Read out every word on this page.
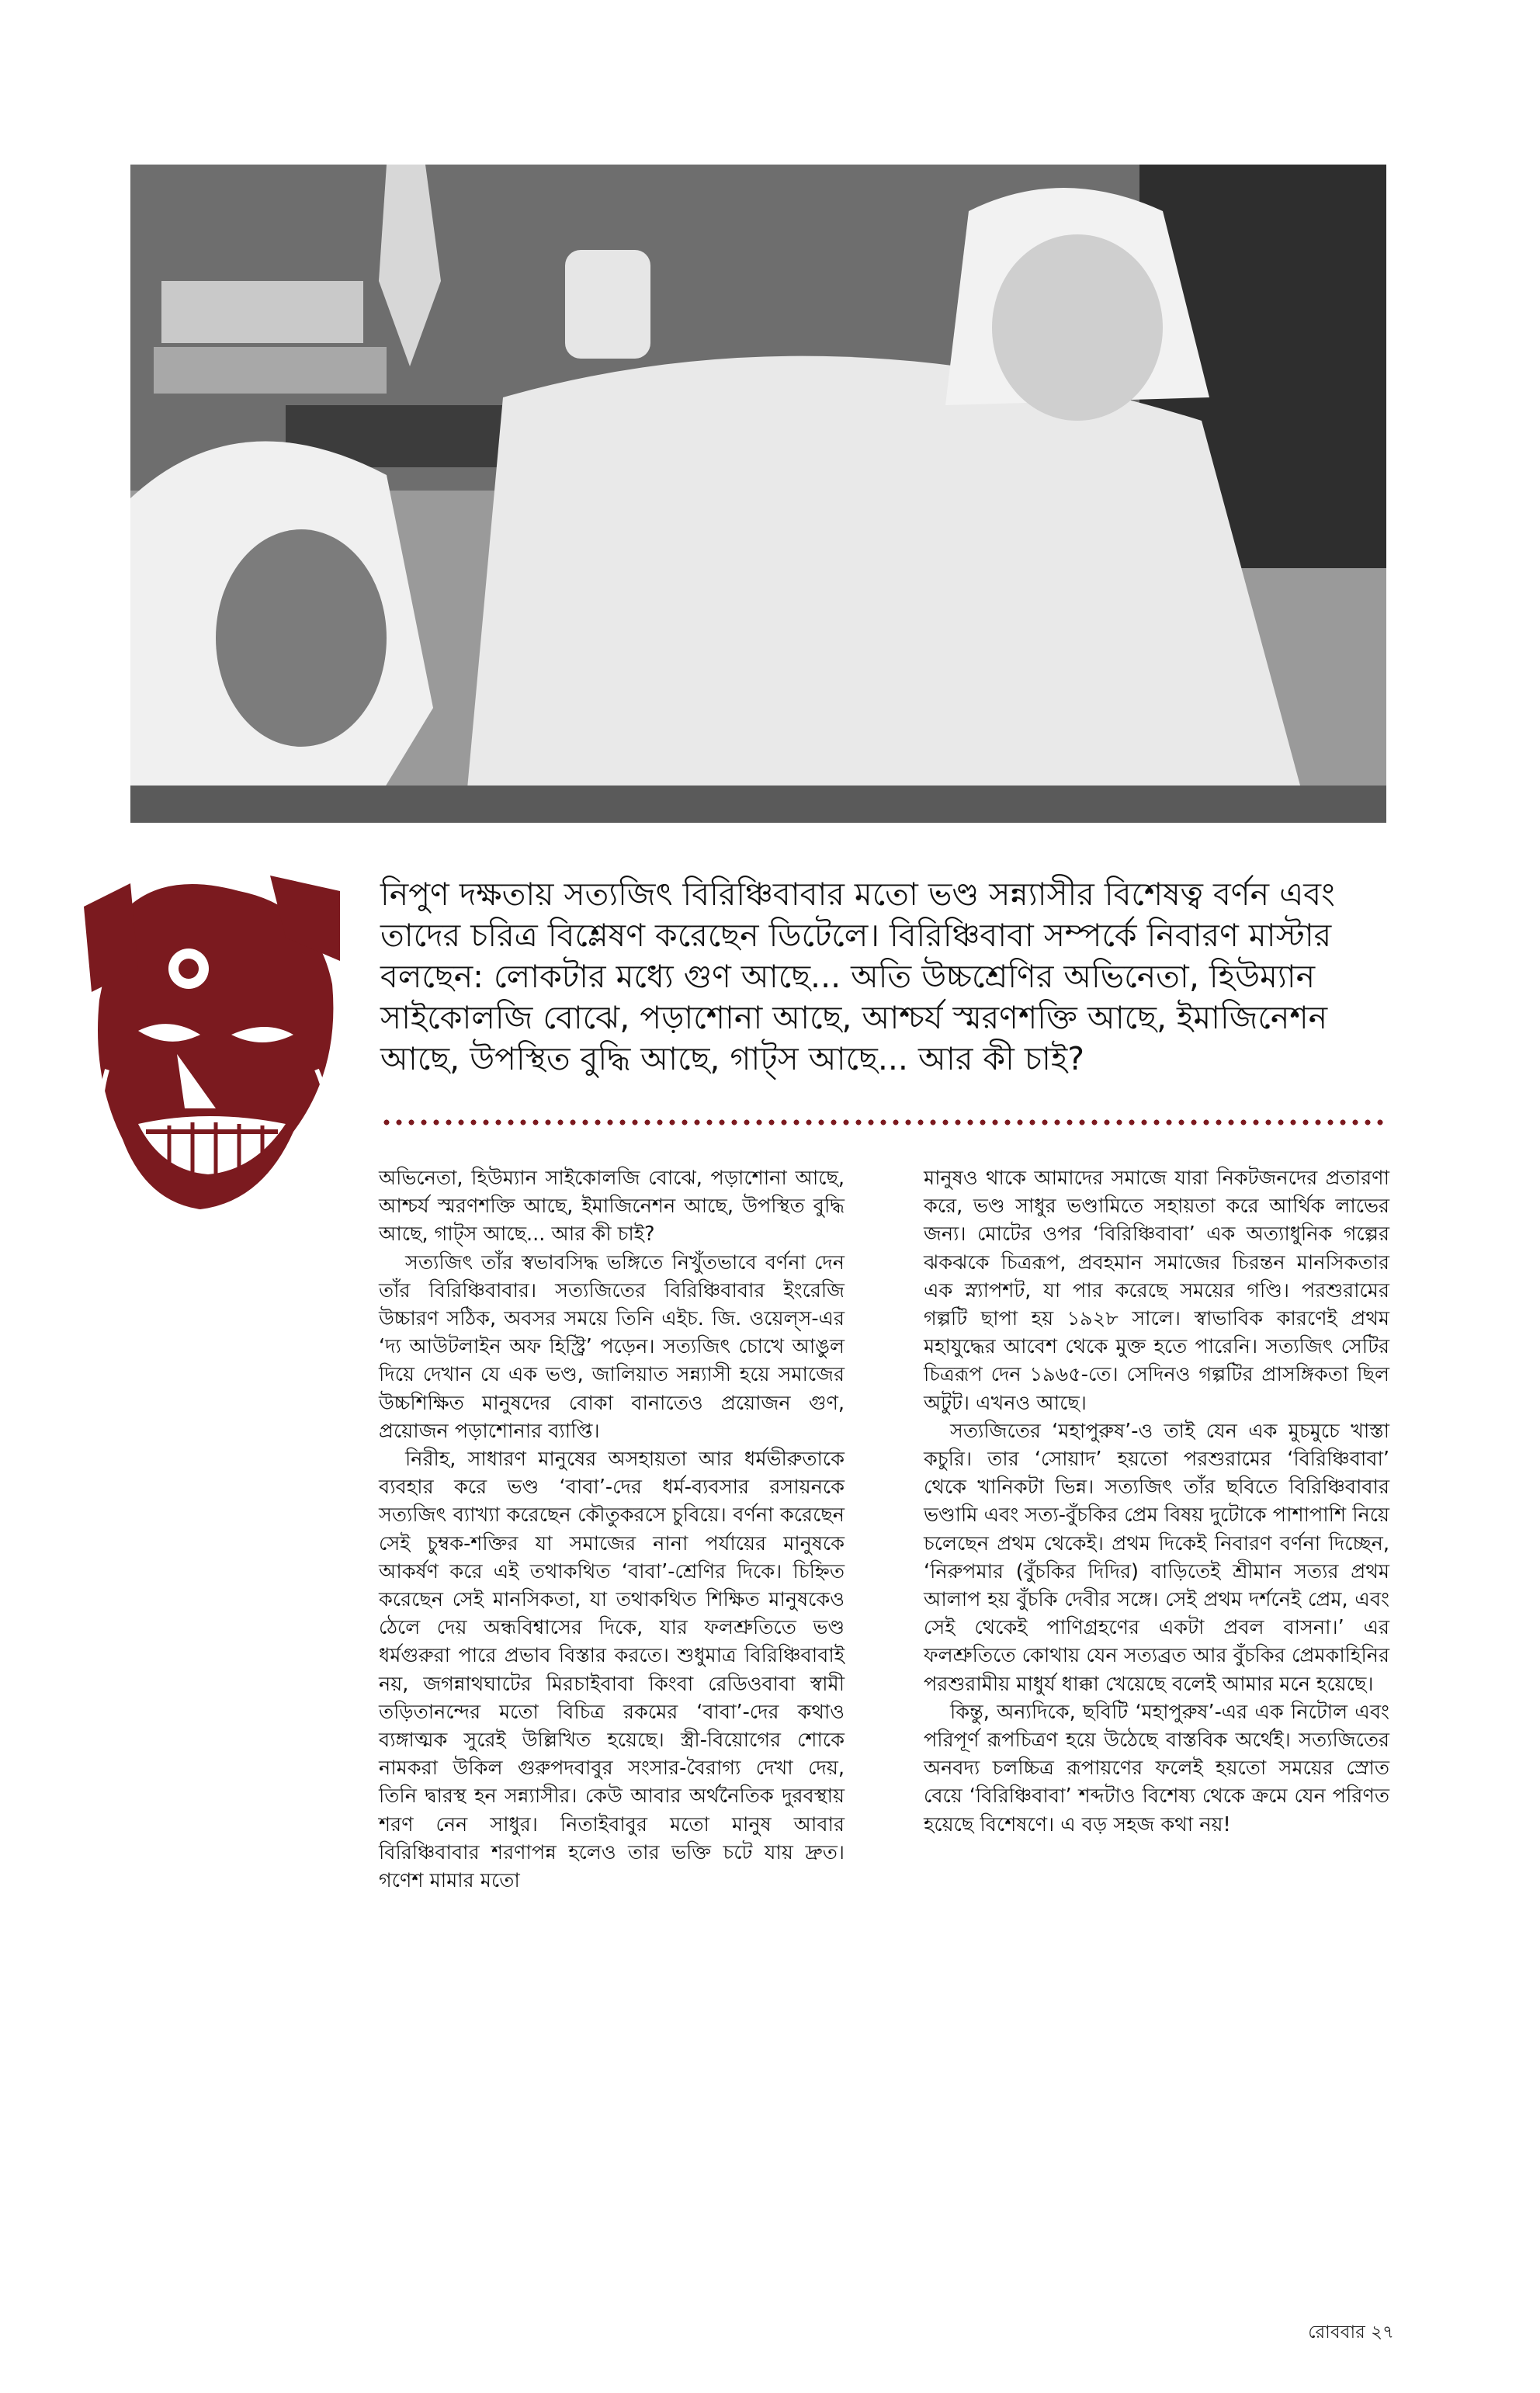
নিপুণ দক্ষতায় সত্যজিৎ বিরিঞ্চিবাবার মতো ভণ্ড সন্ন্যাসীর বিশেষত্ব বর্ণন এবং তাদের চরিত্র বিশ্লেষণ করেছেন ডিটেলে। বিরিঞ্চিবাবা সম্পর্কে নিবারণ মাস্টার বলছেন: লোকটার মধ্যে গুণ আছে... অতি উচ্চশ্রেণির অভিনেতা, হিউম্যান সাইকোলজি বোঝে, পড়াশোনা আছে, আশ্চর্য স্মরণশক্তি আছে, ইমাজিনেশন আছে, উপস্থিত বুদ্ধি আছে, গাট্‌স আছে... আর কী চাই?

অভিনেতা, হিউম্যান সাইকোলজি বোঝে, পড়াশোনা আছে, আশ্চর্য স্মরণশক্তি আছে, ইমাজিনেশন আছে, উপস্থিত বুদ্ধি আছে, গাট্‌স আছে... আর কী চাই?

সত্যজিৎ তাঁর স্বভাবসিদ্ধ ভঙ্গিতে নিখুঁতভাবে বর্ণনা দেন তাঁর বিরিঞ্চিবাবার। সত্যজিতের বিরিঞ্চিবাবার ইংরেজি উচ্চারণ সঠিক, অবসর সময়ে তিনি এইচ. জি. ওয়েল্‌স-এর ‘দ্য আউটলাইন অফ হিস্ট্রি’ পড়েন। সত্যজিৎ চোখে আঙুল দিয়ে দেখান যে এক ভণ্ড, জালিয়াত সন্ন্যাসী হয়ে সমাজের উচ্চশিক্ষিত মানুষদের বোকা বানাতেও প্রয়োজন গুণ, প্রয়োজন পড়াশোনার ব্যাপ্তি।

নিরীহ, সাধারণ মানুষের অসহায়তা আর ধর্মভীরুতাকে ব্যবহার করে ভণ্ড ‘বাবা’-দের ধর্ম-ব্যবসার রসায়নকে সত্যজিৎ ব্যাখ্যা করেছেন কৌতুকরসে চুবিয়ে। বর্ণনা করেছেন সেই চুম্বক-শক্তির যা সমাজের নানা পর্যায়ের মানুষকে আকর্ষণ করে এই তথাকথিত ‘বাবা’-শ্রেণির দিকে। চিহ্নিত করেছেন সেই মানসিকতা, যা তথাকথিত শিক্ষিত মানুষকেও ঠেলে দেয় অন্ধবিশ্বাসের দিকে, যার ফলশ্রুতিতে ভণ্ড ধর্মগুরুরা পারে প্রভাব বিস্তার করতে। শুধুমাত্র বিরিঞ্চিবাবাই নয়, জগন্নাথঘাটের মিরচাইবাবা কিংবা রেডিওবাবা স্বামী তড়িতানন্দের মতো বিচিত্র রকমের ‘বাবা’-দের কথাও ব্যঙ্গাত্মক সুরেই উল্লিখিত হয়েছে। স্ত্রী-বিয়োগের শোকে নামকরা উকিল গুরুপদবাবুর সংসার-বৈরাগ্য দেখা দেয়, তিনি দ্বারস্থ হন সন্ন্যাসীর। কেউ আবার অর্থনৈতিক দুরবস্থায় শরণ নেন সাধুর। নিতাইবাবুর মতো মানুষ আবার বিরিঞ্চিবাবার শরণাপন্ন হলেও তার ভক্তি চটে যায় দ্রুত। গণেশ মামার মতো

মানুষও থাকে আমাদের সমাজে যারা নিকটজনদের প্রতারণা করে, ভণ্ড সাধুর ভণ্ডামিতে সহায়তা করে আর্থিক লাভের জন্য। মোটের ওপর ‘বিরিঞ্চিবাবা’ এক অত্যাধুনিক গল্পের ঝকঝকে চিত্ররূপ, প্রবহমান সমাজের চিরন্তন মানসিকতার এক স্ন্যাপশট, যা পার করেছে সময়ের গণ্ডি। পরশুরামের গল্পটি ছাপা হয় ১৯২৮ সালে। স্বাভাবিক কারণেই প্রথম মহাযুদ্ধের আবেশ থেকে মুক্ত হতে পারেনি। সত্যজিৎ সেটির চিত্ররূপ দেন ১৯৬৫-তে। সেদিনও গল্পটির প্রাসঙ্গিকতা ছিল অটুট। এখনও আছে।

সত্যজিতের ‘মহাপুরুষ’-ও তাই যেন এক মুচমুচে খাস্তা কচুরি। তার ‘সোয়াদ’ হয়তো পরশুরামের ‘বিরিঞ্চিবাবা’ থেকে খানিকটা ভিন্ন। সত্যজিৎ তাঁর ছবিতে বিরিঞ্চিবাবার ভণ্ডামি এবং সত্য-বুঁচকির প্রেম বিষয় দুটোকে পাশাপাশি নিয়ে চলেছেন প্রথম থেকেই। প্রথম দিকেই নিবারণ বর্ণনা দিচ্ছেন, ‘নিরুপমার (বুঁচকির দিদির) বাড়িতেই শ্রীমান সত্যর প্রথম আলাপ হয় বুঁচকি দেবীর সঙ্গে। সেই প্রথম দর্শনেই প্রেম, এবং সেই থেকেই পাণিগ্রহণের একটা প্রবল বাসনা।’ এর ফলশ্রুতিতে কোথায় যেন সত্যব্রত আর বুঁচকির প্রেমকাহিনির পরশুরামীয় মাধুর্য ধাক্কা খেয়েছে বলেই আমার মনে হয়েছে।

কিন্তু, অন্যদিকে, ছবিটি ‘মহাপুরুষ’-এর এক নিটোল এবং পরিপূর্ণ রূপচিত্রণ হয়ে উঠেছে বাস্তবিক অর্থেই। সত্যজিতের অনবদ্য চলচ্চিত্র রূপায়ণের ফলেই হয়তো সময়ের স্রোত বেয়ে ‘বিরিঞ্চিবাবা’ শব্দটাও বিশেষ্য থেকে ক্রমে যেন পরিণত হয়েছে বিশেষণে। এ বড় সহজ কথা নয়!

রোববার ২৭
